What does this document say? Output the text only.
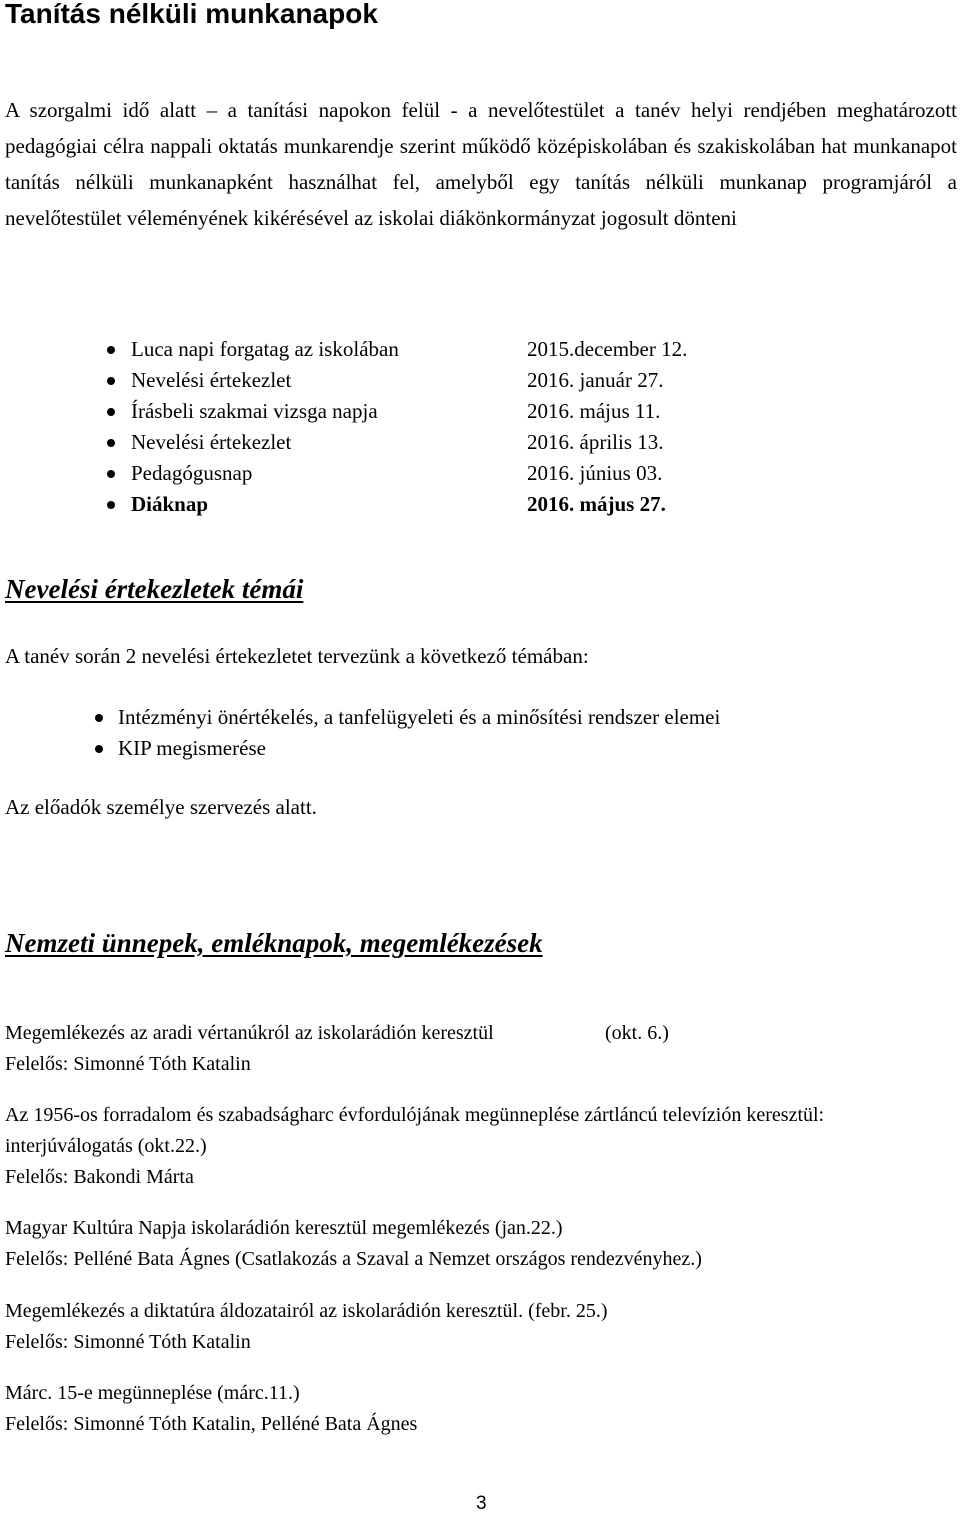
Tanítás nélküli munkanapok

A szorgalmi idő alatt – a tanítási napokon felül - a nevelőtestület a tanév helyi rendjében meghatározott pedagógiai célra nappali oktatás munkarendje szerint működő középiskolában és szakiskolában hat munkanapot tanítás nélküli munkanapként használhat fel, amelyből egy tanítás nélküli munkanap programjáról a nevelőtestület véleményének kikérésével az iskolai diákönkormányzat jogosult dönteni

Luca napi forgatag az iskolában	2015.december 12.
Nevelési értekezlet	2016. január 27.
Írásbeli szakmai vizsga napja	2016. május 11.
Nevelési értekezlet	2016. április 13.
Pedagógusnap	2016. június 03.
Diáknap	2016. május 27.
Nevelési értekezletek témái

A tanév során 2 nevelési értekezletet tervezünk a következő témában:

Intézményi önértékelés, a tanfelügyeleti és a minősítési rendszer elemei
KIP megismerése

Az előadók személye szervezés alatt.

Nemzeti ünnepek, emléknapok, megemlékezések

Megemlékezés az aradi vértanúkról az iskolarádión keresztül	(okt. 6.)

Felelős: Simonné Tóth Katalin

Az 1956-os forradalom és szabadságharc évfordulójának megünneplése zártláncú televízión keresztül:

interjúválogatás (okt.22.)

Felelős: Bakondi Márta

Magyar Kultúra Napja iskolarádión keresztül megemlékezés (jan.22.)

Felelős: Pelléné Bata Ágnes (Csatlakozás a Szaval a Nemzet országos rendezvényhez.)

Megemlékezés a diktatúra áldozatairól az iskolarádión keresztül. (febr. 25.)

Felelős: Simonné Tóth Katalin

Márc. 15-e megünneplése (márc.11.)

Felelős: Simonné Tóth Katalin, Pelléné Bata Ágnes

3
